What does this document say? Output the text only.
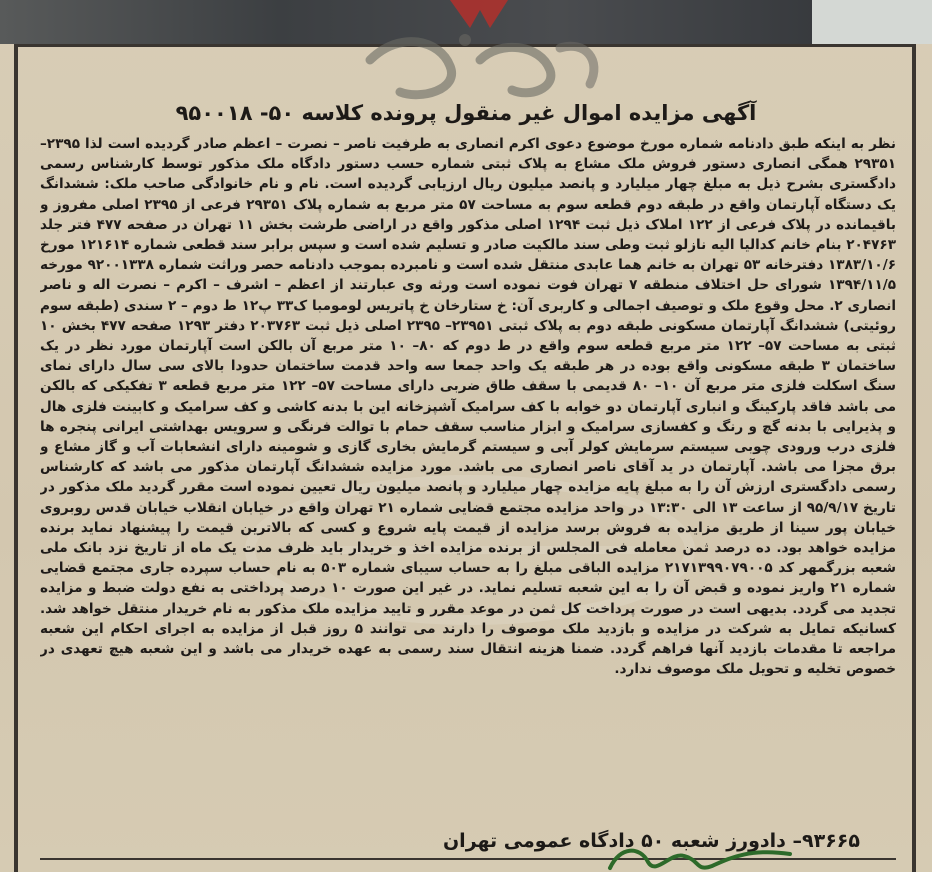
آگهی مزایده اموال غیر منقول پرونده کلاسه ۵۰- ۹۵۰۰۱۸
نظر به اینکه طبق دادنامه شماره مورخ موضوع دعوی اکرم انصاری به طرفیت ناصر – نصرت – اعظم صادر گردیده است لذا ۲۳۹۵– ۲۹۳۵۱ همگی انصاری دستور فروش ملک مشاع به پلاک ثبتی شماره حسب دستور دادگاه ملک مذکور توسط کارشناس رسمی دادگستری بشرح ذیل به مبلغ چهار میلیارد و پانصد میلیون ریال ارزیابی گردیده است. نام و نام خانوادگی صاحب ملک: ششدانگ یک دستگاه آپارتمان واقع در طبقه دوم قطعه سوم به مساحت ۵۷ متر مربع به شماره پلاک ۲۹۳۵۱ فرعی از ۲۳۹۵ اصلی مفروز و باقیمانده در پلاک فرعی از ۱۲۲ املاک ذیل ثبت ۱۲۹۴ اصلی مذکور واقع در اراضی طرشت بخش ۱۱ تهران در صفحه ۴۷۷ فتر جلد ۲۰۴۷۶۳ بنام خانم کدالیا الیه نازلو ثبت وطی سند مالکیت صادر و تسلیم شده است و سپس برابر سند قطعی شماره ۱۲۱۶۱۴ مورخ ۱۳۸۳/۱۰/۶ دفترخانه ۵۳ تهران به خانم هما عابدی منتقل شده است و نامبرده بموجب دادنامه حصر وراثت شماره ۹۲۰۰۱۳۳۸ مورخه ۱۳۹۴/۱۱/۵ شورای حل اختلاف منطقه ۷ تهران فوت نموده است ورثه وی عبارتند از اعظم – اشرف – اکرم – نصرت اله و ناصر انصاری ۲. محل وقوع ملک و توصیف اجمالی و کاربری آن: خ ستارخان خ پاتریس لومومبا ک۳۳ پ۱۲ ط دوم – ۲ سندی (طبقه سوم روئیتی) ششدانگ آپارتمان مسکونی طبقه دوم به پلاک ثبتی ۲۳۹۵۱– ۲۳۹۵ اصلی ذیل ثبت ۲۰۳۷۶۳ دفتر ۱۲۹۳ صفحه ۴۷۷ بخش ۱۰ ثبتی به مساحت ۵۷– ۱۲۲ متر مربع قطعه سوم واقع در ط دوم که ۸۰– ۱۰ متر مربع آن بالکن است آپارتمان مورد نظر در یک ساختمان ۳ طبقه مسکونی واقع بوده در هر طبقه یک واحد جمعا سه واحد قدمت ساختمان حدودا بالای سی سال دارای نمای سنگ اسکلت فلزی متر مربع آن ۱۰– ۸۰ قدیمی با سقف طاق ضربی دارای مساحت ۵۷– ۱۲۲ متر مربع قطعه ۳ تفکیکی که بالکن می باشد فاقد پارکینگ و انباری آپارتمان دو خوابه با کف سرامیک آشپزخانه این با بدنه کاشی و کف سرامیک و کابینت فلزی هال و پذیرایی با بدنه گچ و رنگ و کفسازی سرامیک و ابزار مناسب سقف حمام با توالت فرنگی و سرویس بهداشتی ایرانی پنجره ها فلزی درب ورودی چوبی سیستم سرمایش کولر آبی و سیستم گرمایش بخاری گازی و شومینه دارای انشعابات آب و گاز مشاع و برق مجزا می باشد. آپارتمان در ید آقای ناصر انصاری می باشد. مورد مزایده ششدانگ آپارتمان مذکور می باشد که کارشناس رسمی دادگستری ارزش آن را به مبلغ پایه مزایده چهار میلیارد و پانصد میلیون ریال تعیین نموده است مقرر گردید ملک مذکور در تاریخ ۹۵/۹/۱۷ از ساعت ۱۳ الی ۱۳:۳۰ در واحد مزایده مجتمع قضایی شماره ۲۱ تهران واقع در خیابان انقلاب خیابان قدس روبروی خیابان پور سینا از طریق مزایده به فروش برسد مزایده از قیمت پایه شروع و کسی که بالاترین قیمت را پیشنهاد نماید برنده مزایده خواهد بود. ده درصد ثمن معامله فی المجلس از برنده مزایده اخذ و خریدار باید ظرف مدت یک ماه از تاریخ نزد بانک ملی شعبه بزرگمهر کد ۲۱۷۱۳۹۹۰۷۹۰۰۵ مزایده الباقی مبلغ را به حساب سیبای شماره ۵۰۳ به نام حساب سپرده جاری مجتمع قضایی شماره ۲۱ واریز نموده و قبض آن را به این شعبه تسلیم نماید. در غیر این صورت ۱۰ درصد پرداختی به نفع دولت ضبط و مزایده تجدید می گردد. بدیهی است در صورت پرداخت کل ثمن در موعد مقرر و تایید مزایده ملک مذکور به نام خریدار منتقل خواهد شد. کسانیکه تمایل به شرکت در مزایده و بازدید ملک موصوف را دارند می توانند ۵ روز قبل از مزایده به اجرای احکام این شعبه مراجعه تا مقدمات بازدید آنها فراهم گردد. ضمنا هزینه انتقال سند رسمی به عهده خریدار می باشد و این شعبه هیچ تعهدی در خصوص تخلیه و تحویل ملک موصوف ندارد.
۹۳۶۶۵– دادورز شعبه ۵۰ دادگاه عمومی تهران
